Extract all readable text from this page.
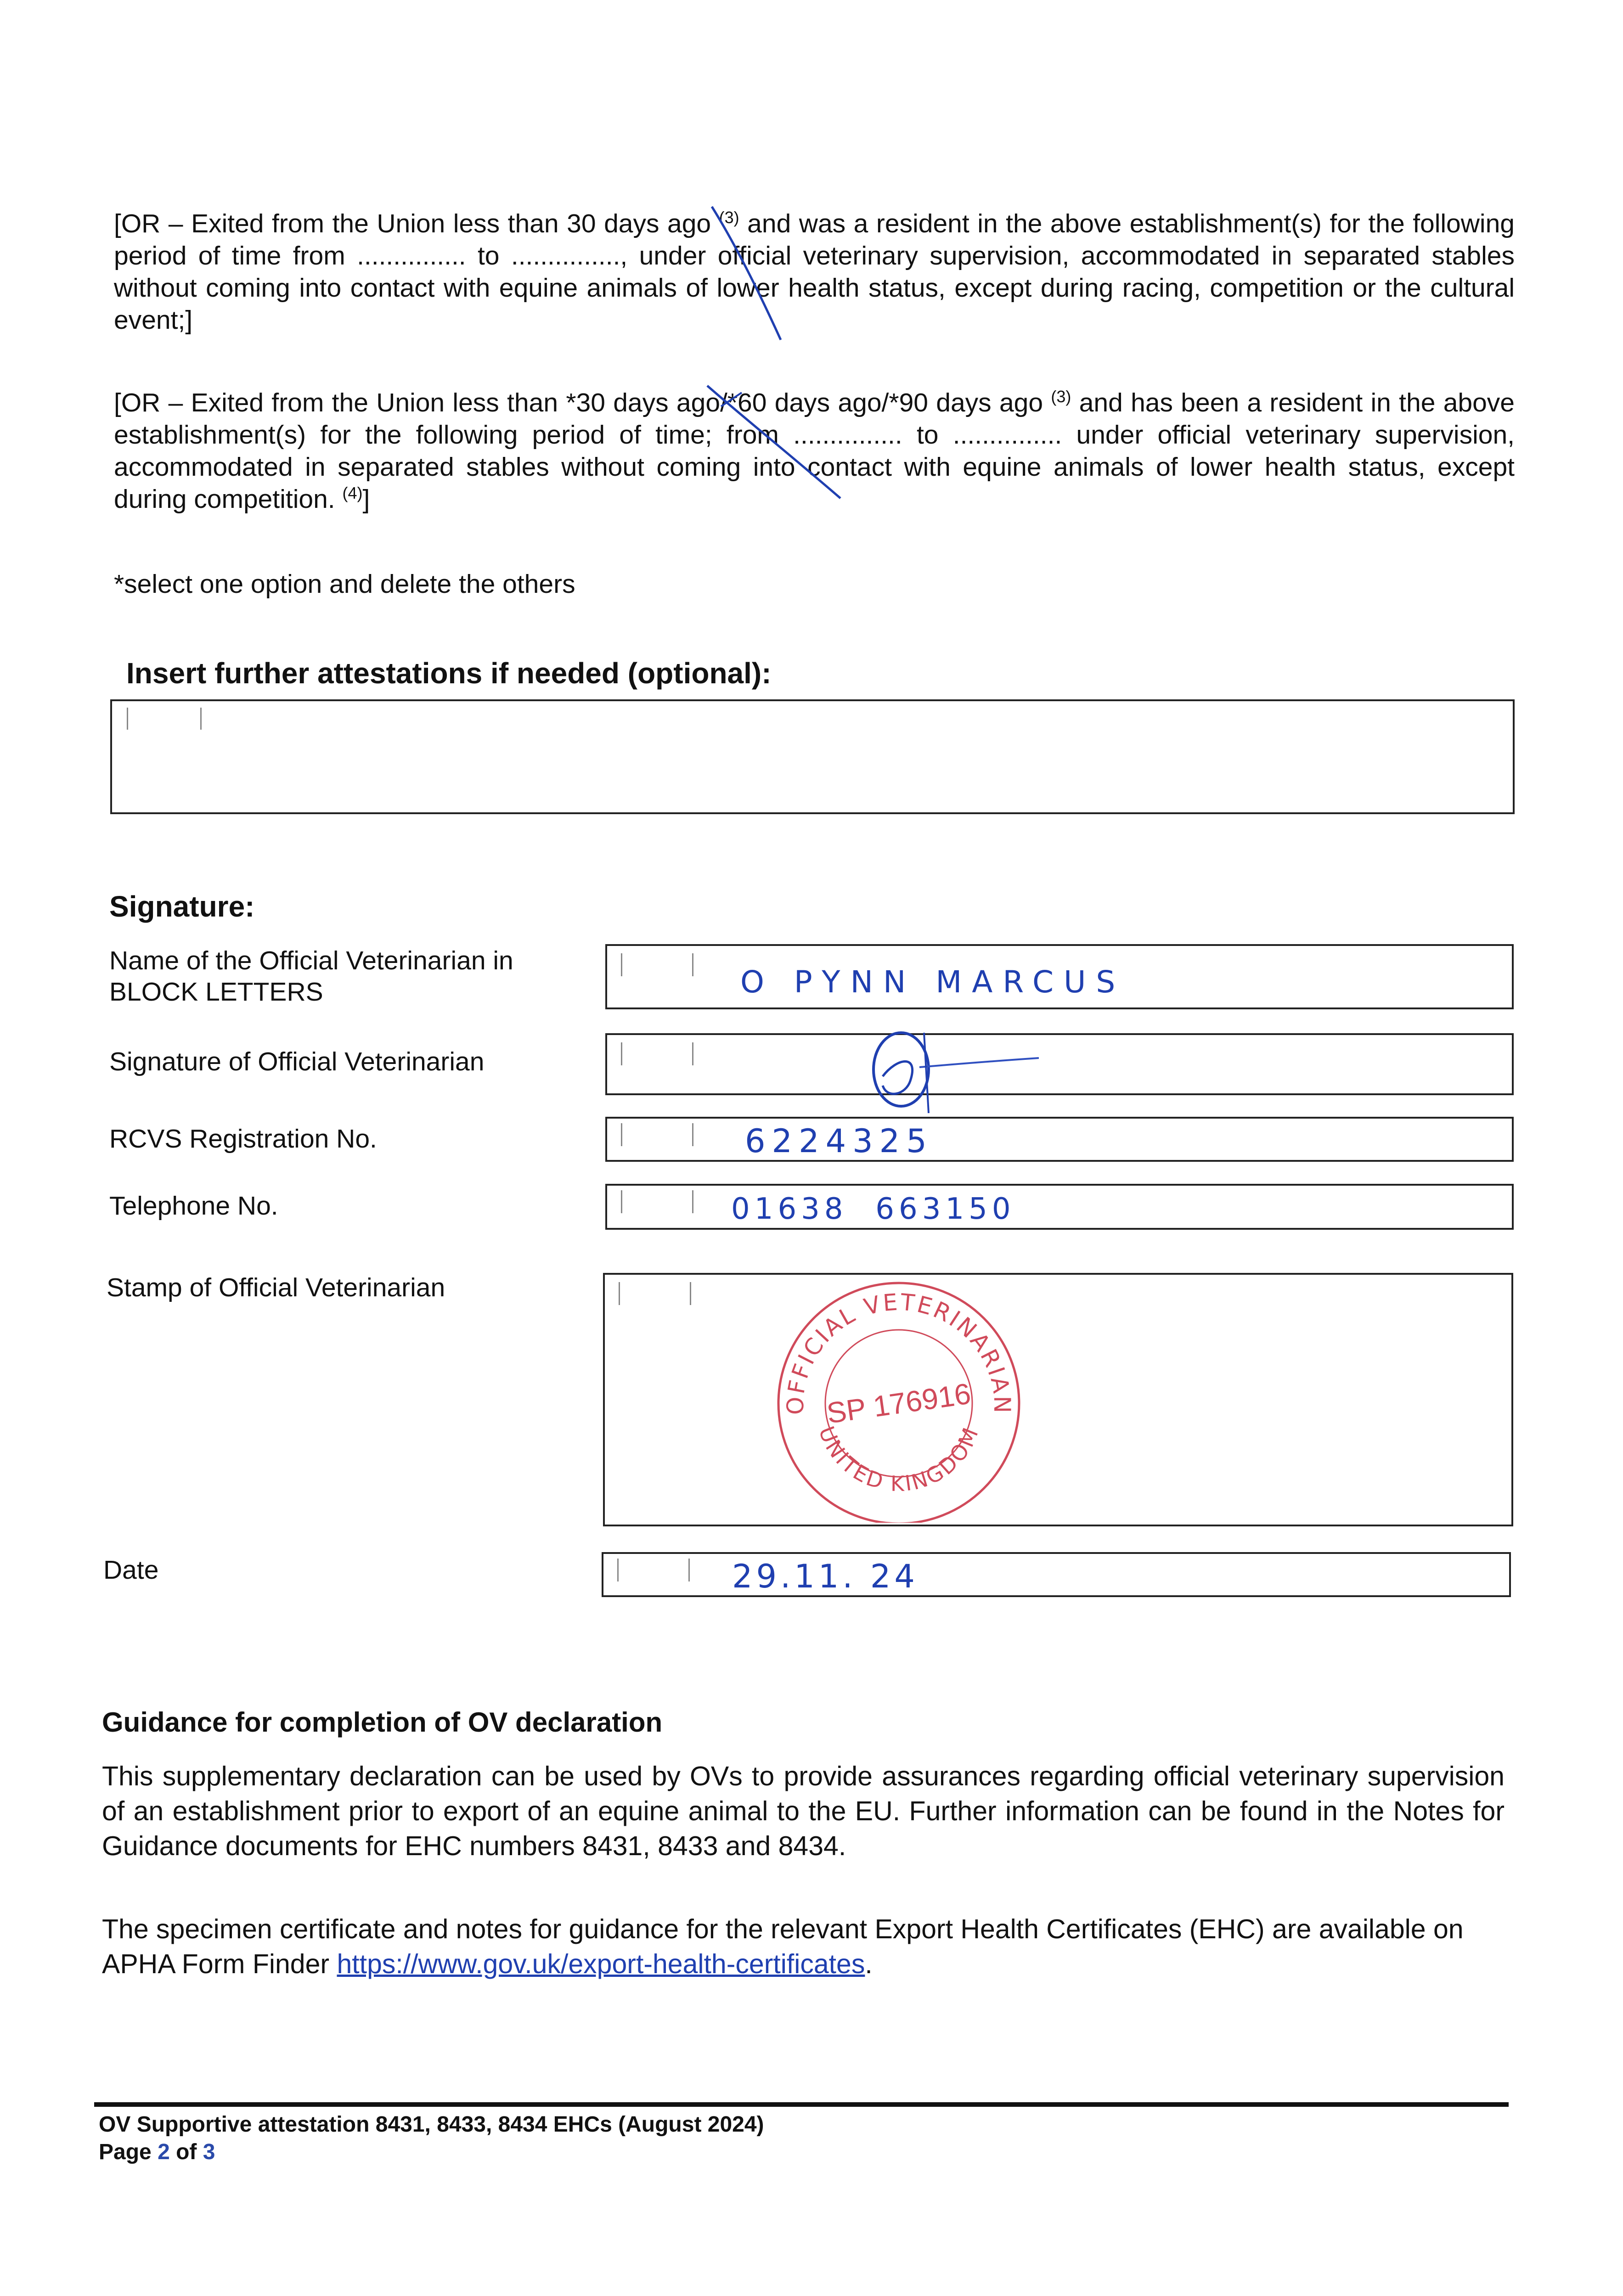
[OR – Exited from the Union less than 30 days ago $^{(3)}$ and was a resident in the above establishment(s) for the following period of time from ............... to ..............., under official veterinary supervision, accommodated in separated stables without coming into contact with equine animals of lower health status, except during racing, competition or the cultural event;]
[OR – Exited from the Union less than *30 days ago/*60 days ago/*90 days ago $^{(3)}$ and has been a resident in the above establishment(s) for the following period of time; from ............... to ............... under official veterinary supervision, accommodated in separated stables without coming into contact with equine animals of lower health status, except during competition. $^{(4)}$]
*select one option and delete the others
Insert further attestations if needed (optional):
Signature:
Name of the Official Veterinarian in BLOCK LETTERS	O PYNN MARCUS
Signature of Official Veterinarian
RCVS Registration No.	6224325
Telephone No.	01638  663150
Stamp of Official Veterinarian
OFFICIAL VETERINARIAN
UNITED KINGDOM
SP 176916
Date	29.11. 24
Guidance for completion of OV declaration
This supplementary declaration can be used by OVs to provide assurances regarding official veterinary supervision of an establishment prior to export of an equine animal to the EU. Further information can be found in the Notes for Guidance documents for EHC numbers 8431, 8433 and 8434.
The specimen certificate and notes for guidance for the relevant Export Health Certificates (EHC) are available on APHA Form Finder https://www.gov.uk/export-health-certificates.
OV Supportive attestation 8431, 8433, 8434 EHCs (August 2024)
Page 2 of 3
